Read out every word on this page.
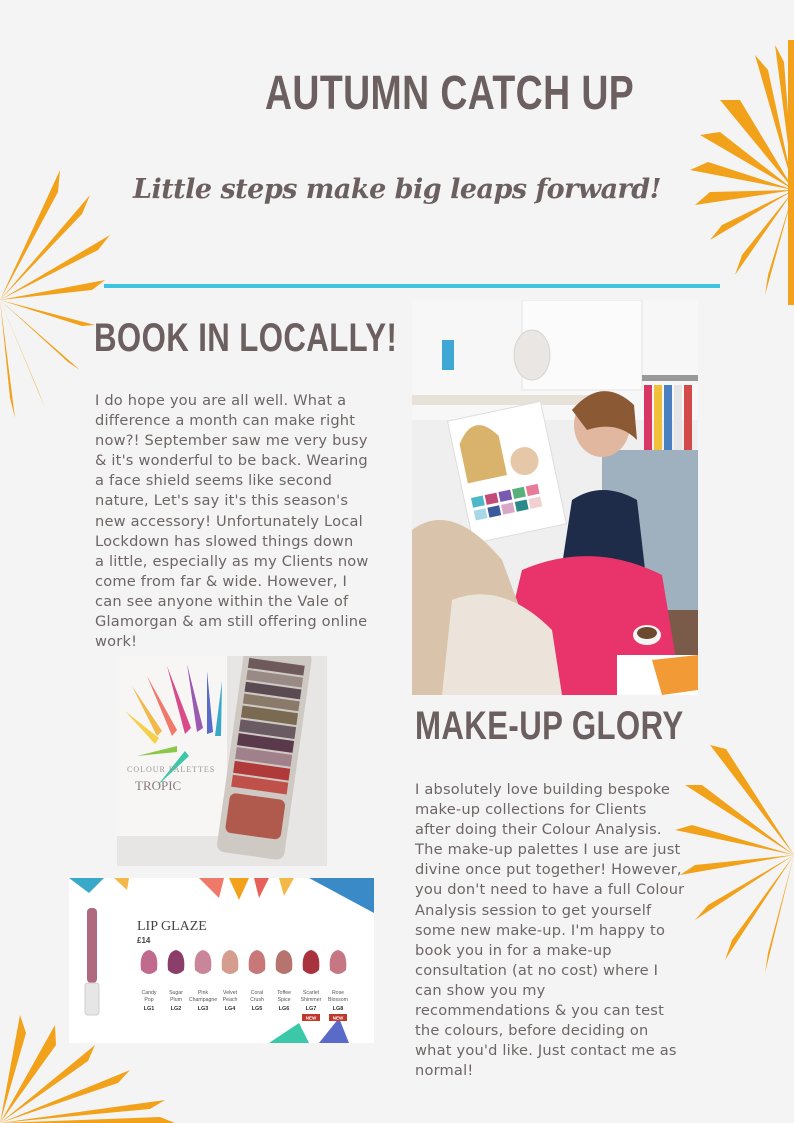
AUTUMN CATCH UP
Little steps make big leaps forward!
BOOK IN LOCALLY!
I do hope you are all well. What a
difference a month can make right
now?! September saw me very busy
& it's wonderful to be back. Wearing
a face shield seems like second
nature, Let's say it's this season's
new accessory! Unfortunately Local
Lockdown has slowed things down
a little, especially as my Clients now
come from far & wide. However, I
can see anyone within the Vale of
Glamorgan & am still offering online
work!
COLOUR PALETTES
TROPIC
LIP GLAZE
£14
Candy
Pop
LG1
Sugar
Plum
LG2
Pink
Champagne
LG3
Velvet
Peach
LG4
Coral
Crush
LG5
Toffee
Spice
LG6
Scarlet
Shimmer
LG7
NEW
Rose
Blossom
LG8
NEW
MAKE-UP GLORY
I absolutely love building bespoke
make-up collections for Clients
after doing their Colour Analysis.
The make-up palettes I use are just
divine once put together! However,
you don't need to have a full Colour
Analysis session to get yourself
some new make-up. I'm happy to
book you in for a make-up
consultation (at no cost) where I
can show you my
recommendations & you can test
the colours, before deciding on
what you'd like. Just contact me as
normal!
